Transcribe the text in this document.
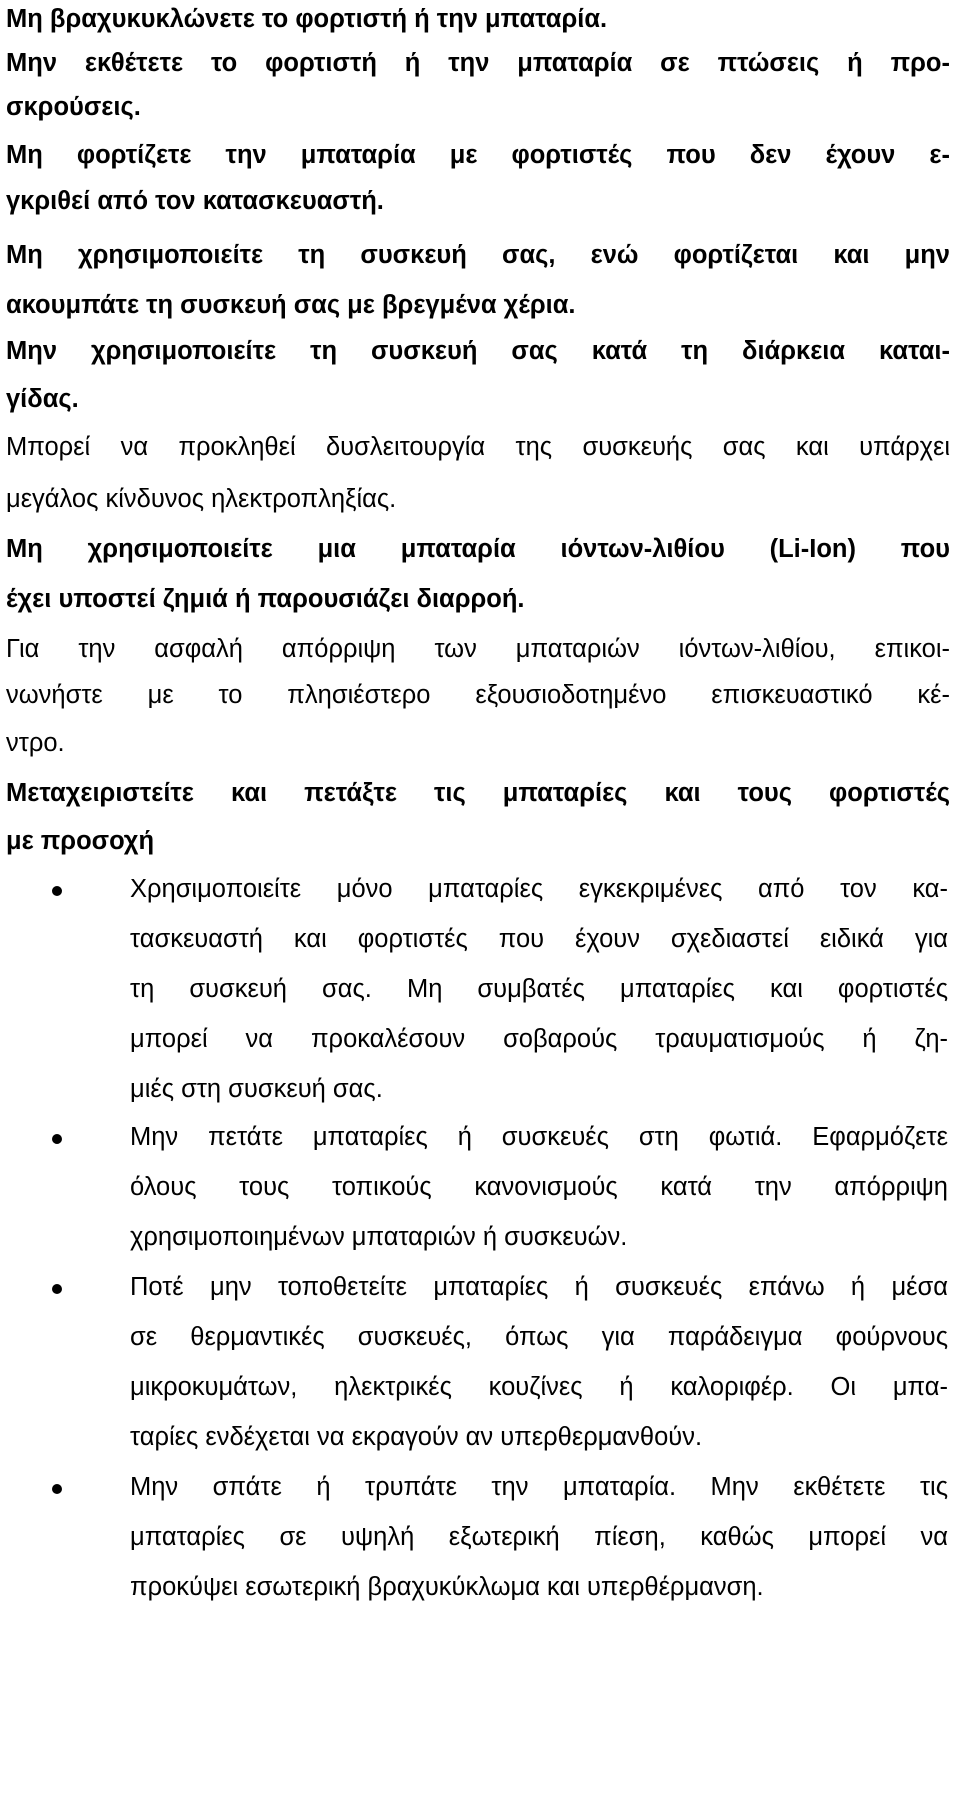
Μη βραχυκυκλώνετε το φορτιστή ή την μπαταρία.

Μην εκθέτετε το φορτιστή ή την μπαταρία σε πτώσεις ή προ-

σκρούσεις.

Μη φορτίζετε την μπαταρία με φορτιστές που δεν έχουν ε-

γκριθεί από τον κατασκευαστή.

Μη χρησιμοποιείτε τη συσκευή σας, ενώ φορτίζεται και μην

ακουμπάτε τη συσκευή σας με βρεγμένα χέρια.

Μην χρησιμοποιείτε τη συσκευή σας κατά τη διάρκεια καται-

γίδας.

Μπορεί να προκληθεί δυσλειτουργία της συσκευής σας και υπάρχει

μεγάλος κίνδυνος ηλεκτροπληξίας.

Μη χρησιμοποιείτε μια μπαταρία ιόντων-λιθίου (Li-Ion) που

έχει υποστεί ζημιά ή παρουσιάζει διαρροή.

Για την ασφαλή απόρριψη των μπαταριών ιόντων-λιθίου, επικοι-

νωνήστε με το πλησιέστερο εξουσιοδοτημένο επισκευαστικό κέ-

ντρο.

Μεταχειριστείτε και πετάξτε τις μπαταρίες και τους φορτιστές

με προσοχή

Χρησιμοποιείτε μόνο μπαταρίες εγκεκριμένες από τον κα-

τασκευαστή και φορτιστές που έχουν σχεδιαστεί ειδικά για

τη συσκευή σας. Μη συμβατές μπαταρίες και φορτιστές

μπορεί να προκαλέσουν σοβαρούς τραυματισμούς ή ζη-

μιές στη συσκευή σας.

Μην πετάτε μπαταρίες ή συσκευές στη φωτιά. Εφαρμόζετε

όλους τους τοπικούς κανονισμούς κατά την απόρριψη

χρησιμοποιημένων μπαταριών ή συσκευών.

Ποτέ μην τοποθετείτε μπαταρίες ή συσκευές επάνω ή μέσα

σε θερμαντικές συσκευές, όπως για παράδειγμα φούρνους

μικροκυμάτων, ηλεκτρικές κουζίνες ή καλοριφέρ. Οι μπα-

ταρίες ενδέχεται να εκραγούν αν υπερθερμανθούν.

Μην σπάτε ή τρυπάτε την μπαταρία. Μην εκθέτετε τις

μπαταρίες σε υψηλή εξωτερική πίεση, καθώς μπορεί να

προκύψει εσωτερική βραχυκύκλωμα και υπερθέρμανση.
